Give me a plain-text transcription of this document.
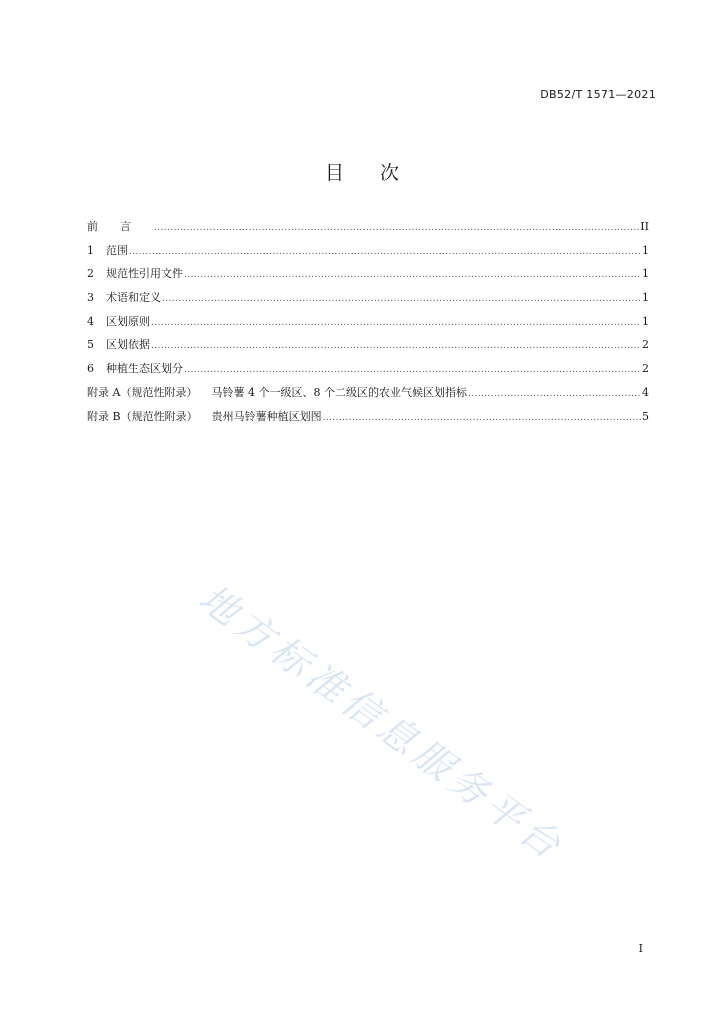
DB52/T 1571—2021
目次
前言 .....	II
1 范围 .....	1
2 规范性引用文件 .....	1
3 术语和定义 .....	1
4 区划原则 .....	1
5 区划依据 .....	2
6 种植生态区划分 .....	2
附录 A（规范性附录） 马铃薯 4 个一级区、8 个二级区的农业气候区划指标 .....	4
附录 B（规范性附录） 贵州马铃薯种植区划图 .....	5
地方标准信息服务平台
I
